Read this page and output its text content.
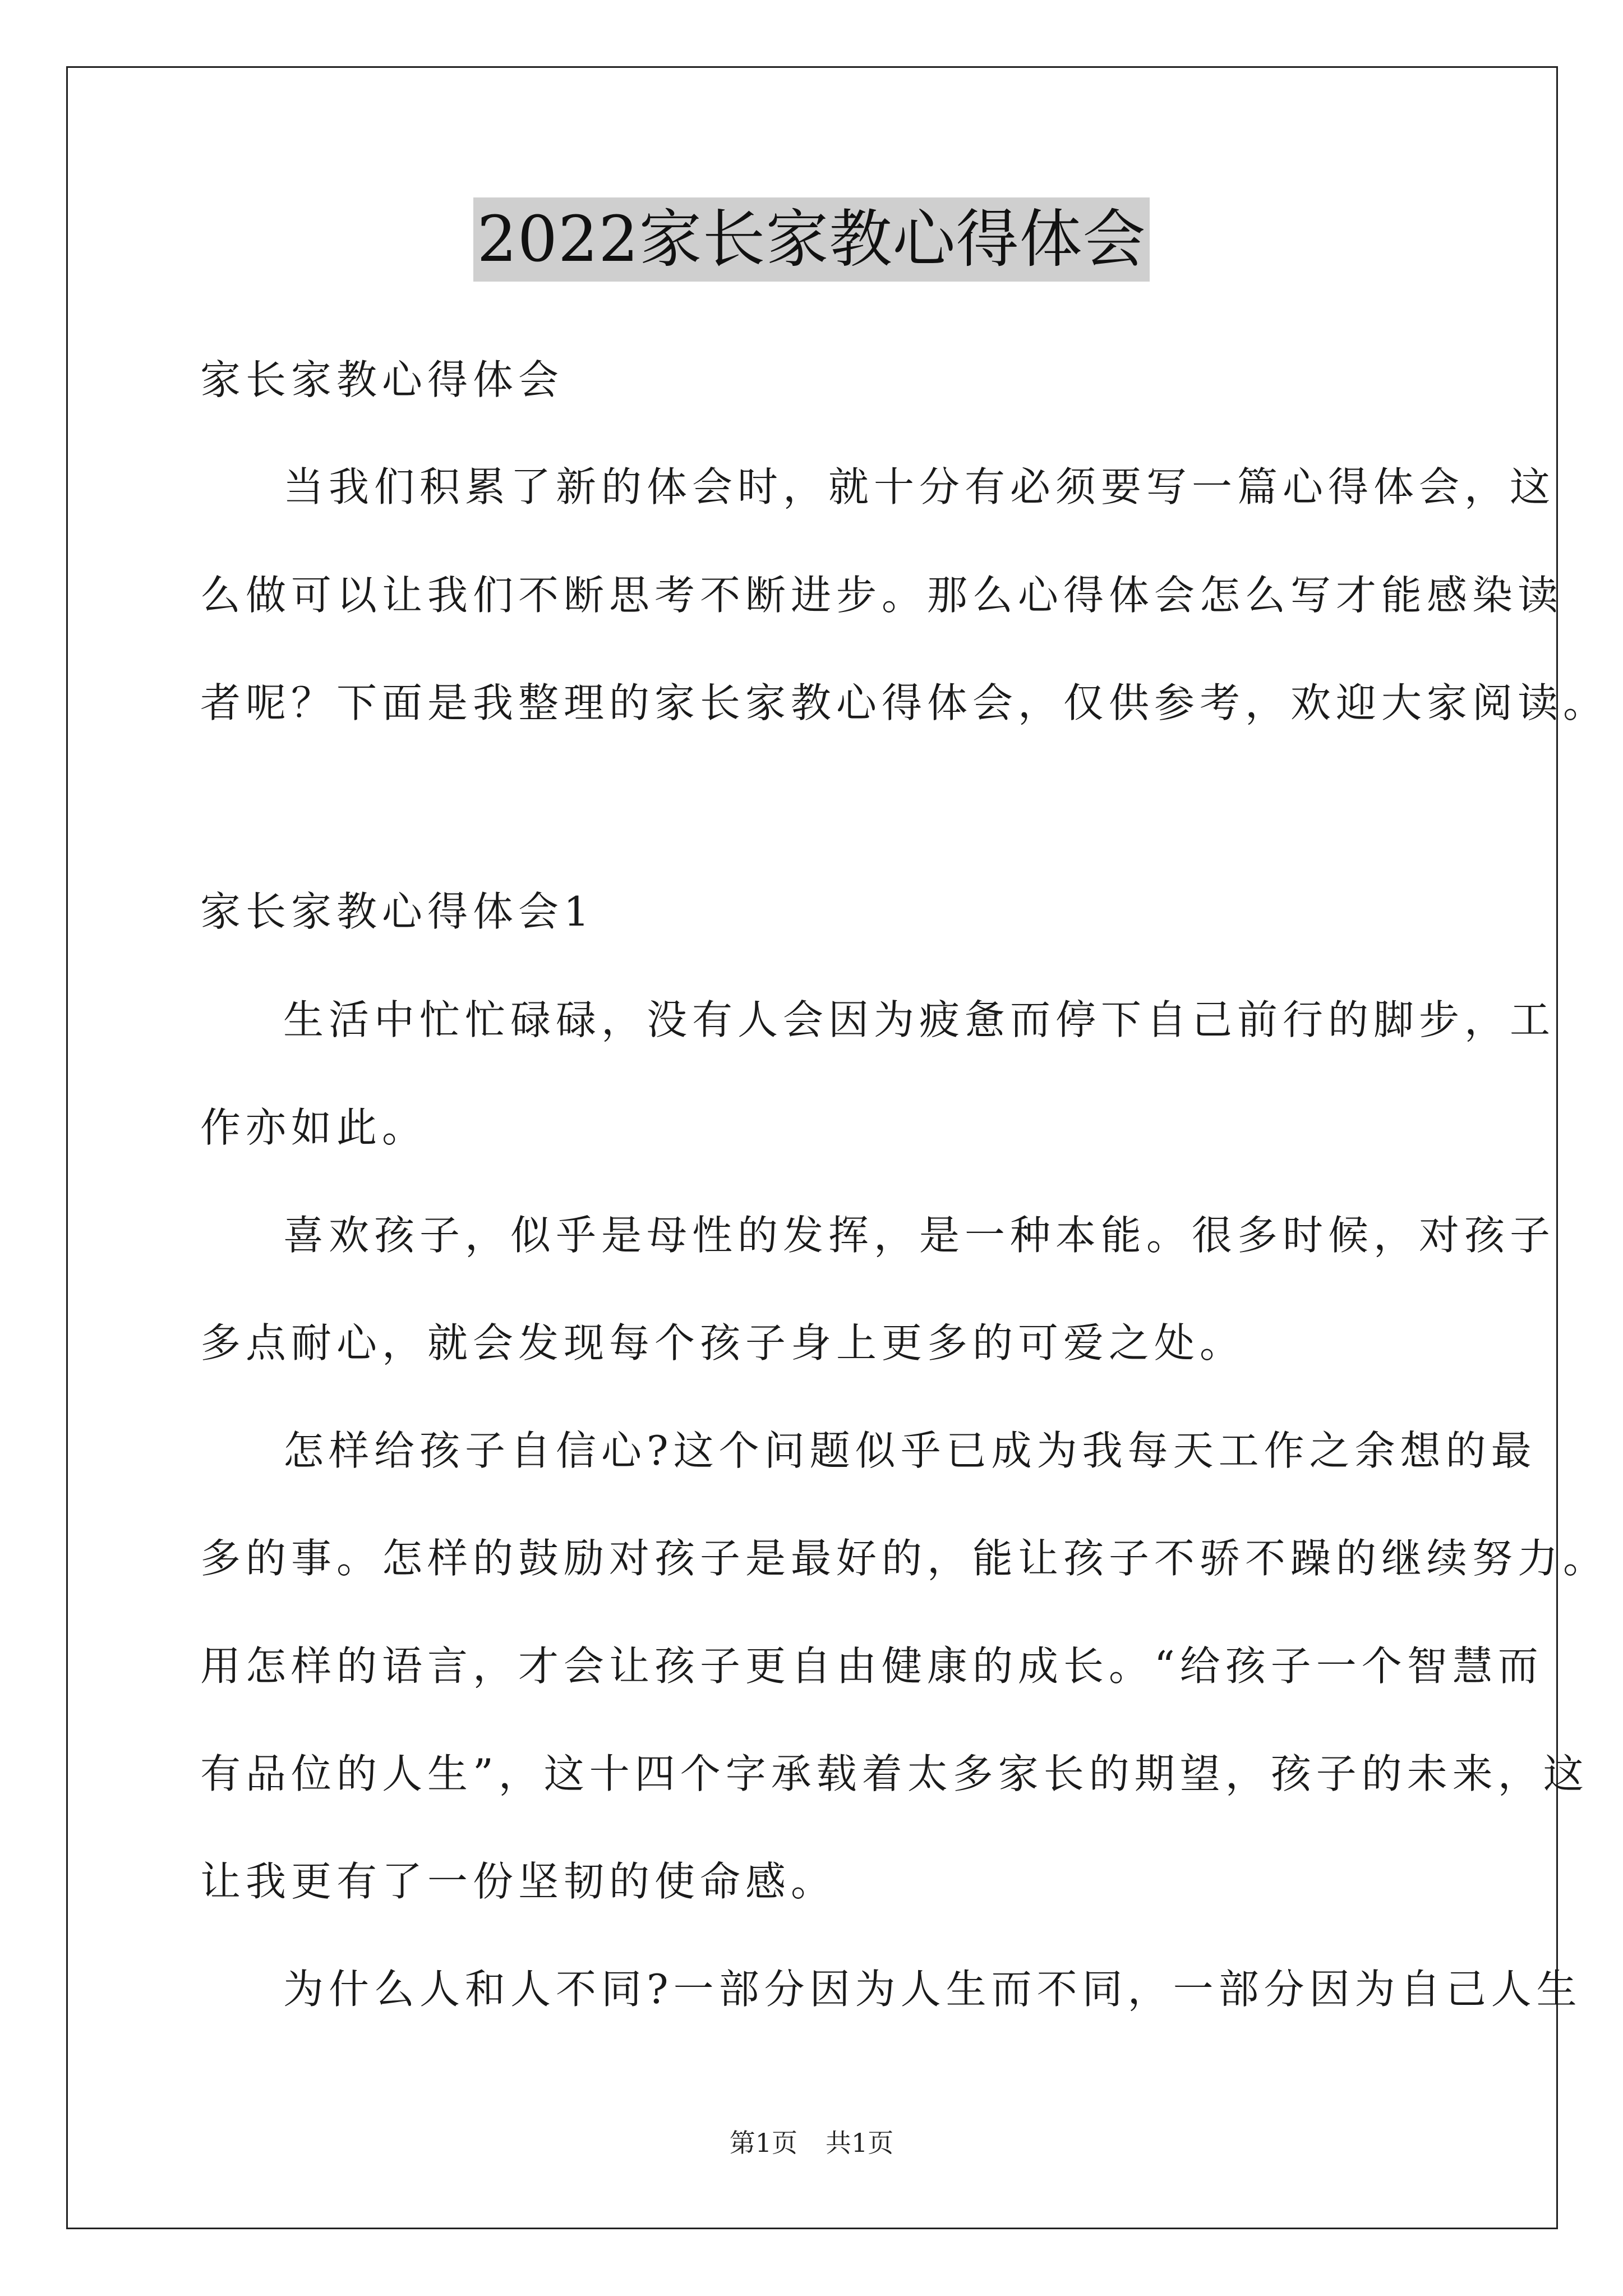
2022家长家教心得体会
家长家教心得体会
当我们积累了新的体会时，就十分有必须要写一篇心得体会，这
么做可以让我们不断思考不断进步。那么心得体会怎么写才能感染读
者呢？下面是我整理的家长家教心得体会，仅供参考，欢迎大家阅读。
家长家教心得体会1
生活中忙忙碌碌，没有人会因为疲惫而停下自己前行的脚步，工
作亦如此。
喜欢孩子，似乎是母性的发挥，是一种本能。很多时候，对孩子
多点耐心，就会发现每个孩子身上更多的可爱之处。
怎样给孩子自信心?这个问题似乎已成为我每天工作之余想的最
多的事。怎样的鼓励对孩子是最好的，能让孩子不骄不躁的继续努力。
用怎样的语言，才会让孩子更自由健康的成长。“给孩子一个智慧而
有品位的人生”，这十四个字承载着太多家长的期望，孩子的未来，这
让我更有了一份坚韧的使命感。
为什么人和人不同?一部分因为人生而不同，一部分因为自己人生
第1页 共1页
